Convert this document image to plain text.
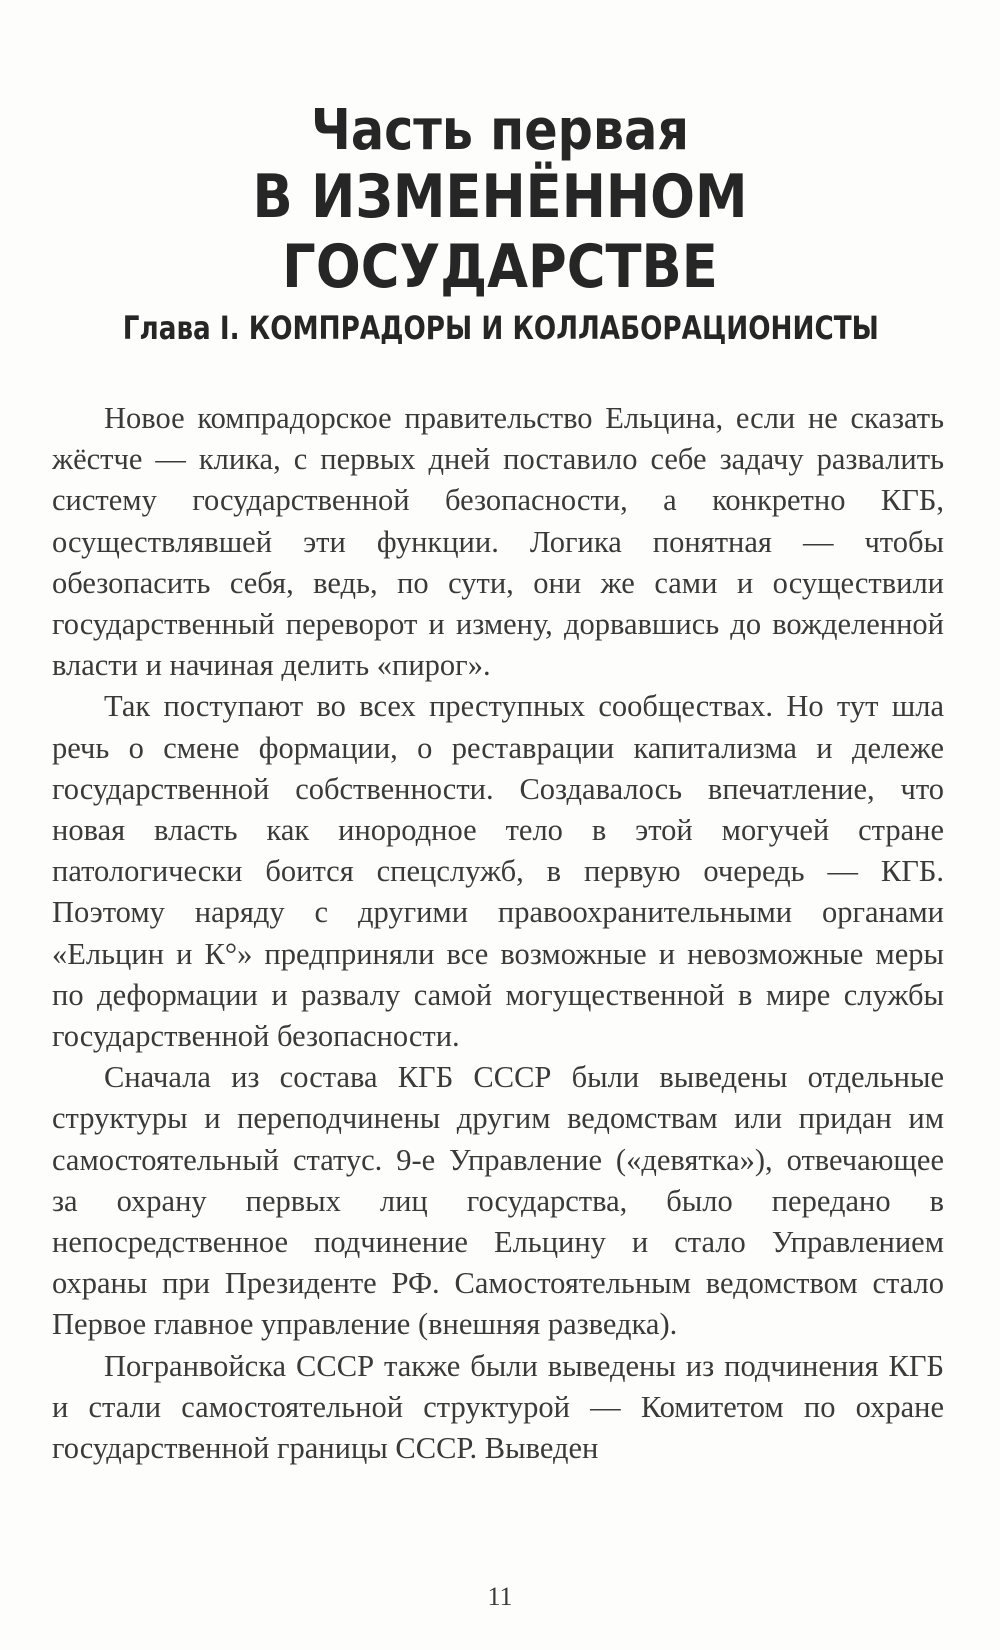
Часть первая
В ИЗМЕНЁННОМ ГОСУДАРСТВЕ
Глава I. КОМПРАДОРЫ И КОЛЛАБОРАЦИОНИСТЫ

Новое компрадорское правительство Ельцина, если не сказать жёстче — клика, с первых дней поставило себе задачу развалить систему государственной безопасности, а конкретно КГБ, осуществлявшей эти функции. Логика понятная — чтобы обезопасить себя, ведь, по сути, они же сами и осуществили государственный переворот и измену, дорвавшись до вожделенной власти и начиная делить «пирог».

Так поступают во всех преступных сообществах. Но тут шла речь о смене формации, о реставрации капитализма и дележе государственной собственности. Создавалось впечатление, что новая власть как инородное тело в этой могучей стране патологически боится спецслужб, в первую очередь — КГБ. Поэтому наряду с другими правоохранительными органами «Ельцин и К°» предприняли все возможные и невозможные меры по деформации и развалу самой могущественной в мире службы государственной безопасности.

Сначала из состава КГБ СССР были выведены отдельные структуры и переподчинены другим ведомствам или придан им самостоятельный статус. 9-е Управление («девятка»), отвечающее за охрану первых лиц государства, было передано в непосредственное подчинение Ельцину и стало Управлением охраны при Президенте РФ. Самостоятельным ведомством стало Первое главное управление (внешняя разведка).

Погранвойска СССР также были выведены из подчинения КГБ и стали самостоятельной структурой — Комитетом по охране государственной границы СССР. Выведен

11
